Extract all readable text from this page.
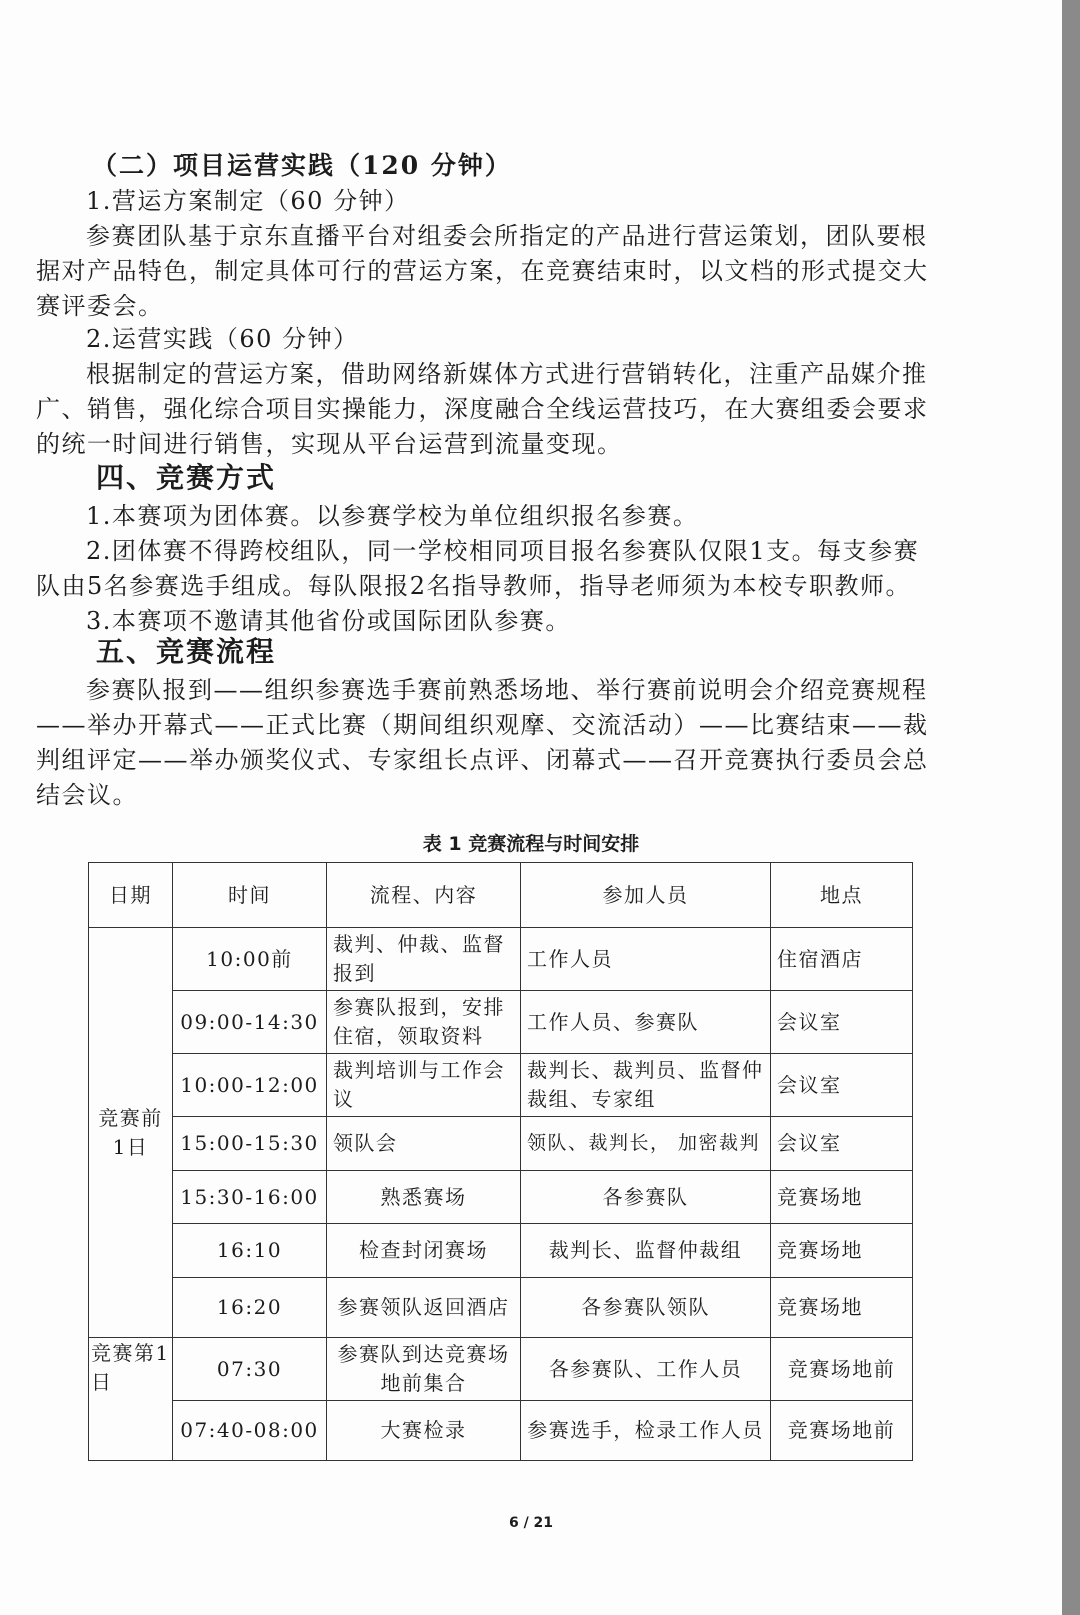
（二）项目运营实践（120 分钟）
1.营运方案制定（60 分钟）
参赛团队基于京东直播平台对组委会所指定的产品进行营运策划，团队要根
据对产品特色，制定具体可行的营运方案，在竞赛结束时，以文档的形式提交大
赛评委会。
2.运营实践（60 分钟）
根据制定的营运方案，借助网络新媒体方式进行营销转化，注重产品媒介推
广、销售，强化综合项目实操能力，深度融合全线运营技巧，在大赛组委会要求
的统一时间进行销售，实现从平台运营到流量变现。
四、竞赛方式
1.本赛项为团体赛。以参赛学校为单位组织报名参赛。
2.团体赛不得跨校组队，同一学校相同项目报名参赛队仅限1支。每支参赛
队由5名参赛选手组成。每队限报2名指导教师，指导老师须为本校专职教师。
3.本赛项不邀请其他省份或国际团队参赛。
五、竞赛流程
参赛队报到——组织参赛选手赛前熟悉场地、举行赛前说明会介绍竞赛规程
——举办开幕式——正式比赛（期间组织观摩、交流活动）——比赛结束——裁
判组评定——举办颁奖仪式、专家组长点评、闭幕式——召开竞赛执行委员会总
结会议。
表 1 竞赛流程与时间安排
日期	时间	流程、内容	参加人员	地点
竞赛前1日	10:00前	裁判、仲裁、监督报到	工作人员	住宿酒店
	09:00-14:30	参赛队报到，安排住宿，领取资料	工作人员、参赛队	会议室
	10:00-12:00	裁判培训与工作会议	裁判长、裁判员、监督仲裁组、专家组	会议室
	15:00-15:30	领队会	领队、裁判长， 加密裁判	会议室
	15:30-16:00	熟悉赛场	各参赛队	竞赛场地
	16:10	检查封闭赛场	裁判长、监督仲裁组	竞赛场地
	16:20	参赛领队返回酒店	各参赛队领队	竞赛场地
竞赛第1日	07:30	参赛队到达竞赛场地前集合	各参赛队、工作人员	竞赛场地前
	07:40-08:00	大赛检录	参赛选手，检录工作人员	竞赛场地前
6 / 21
